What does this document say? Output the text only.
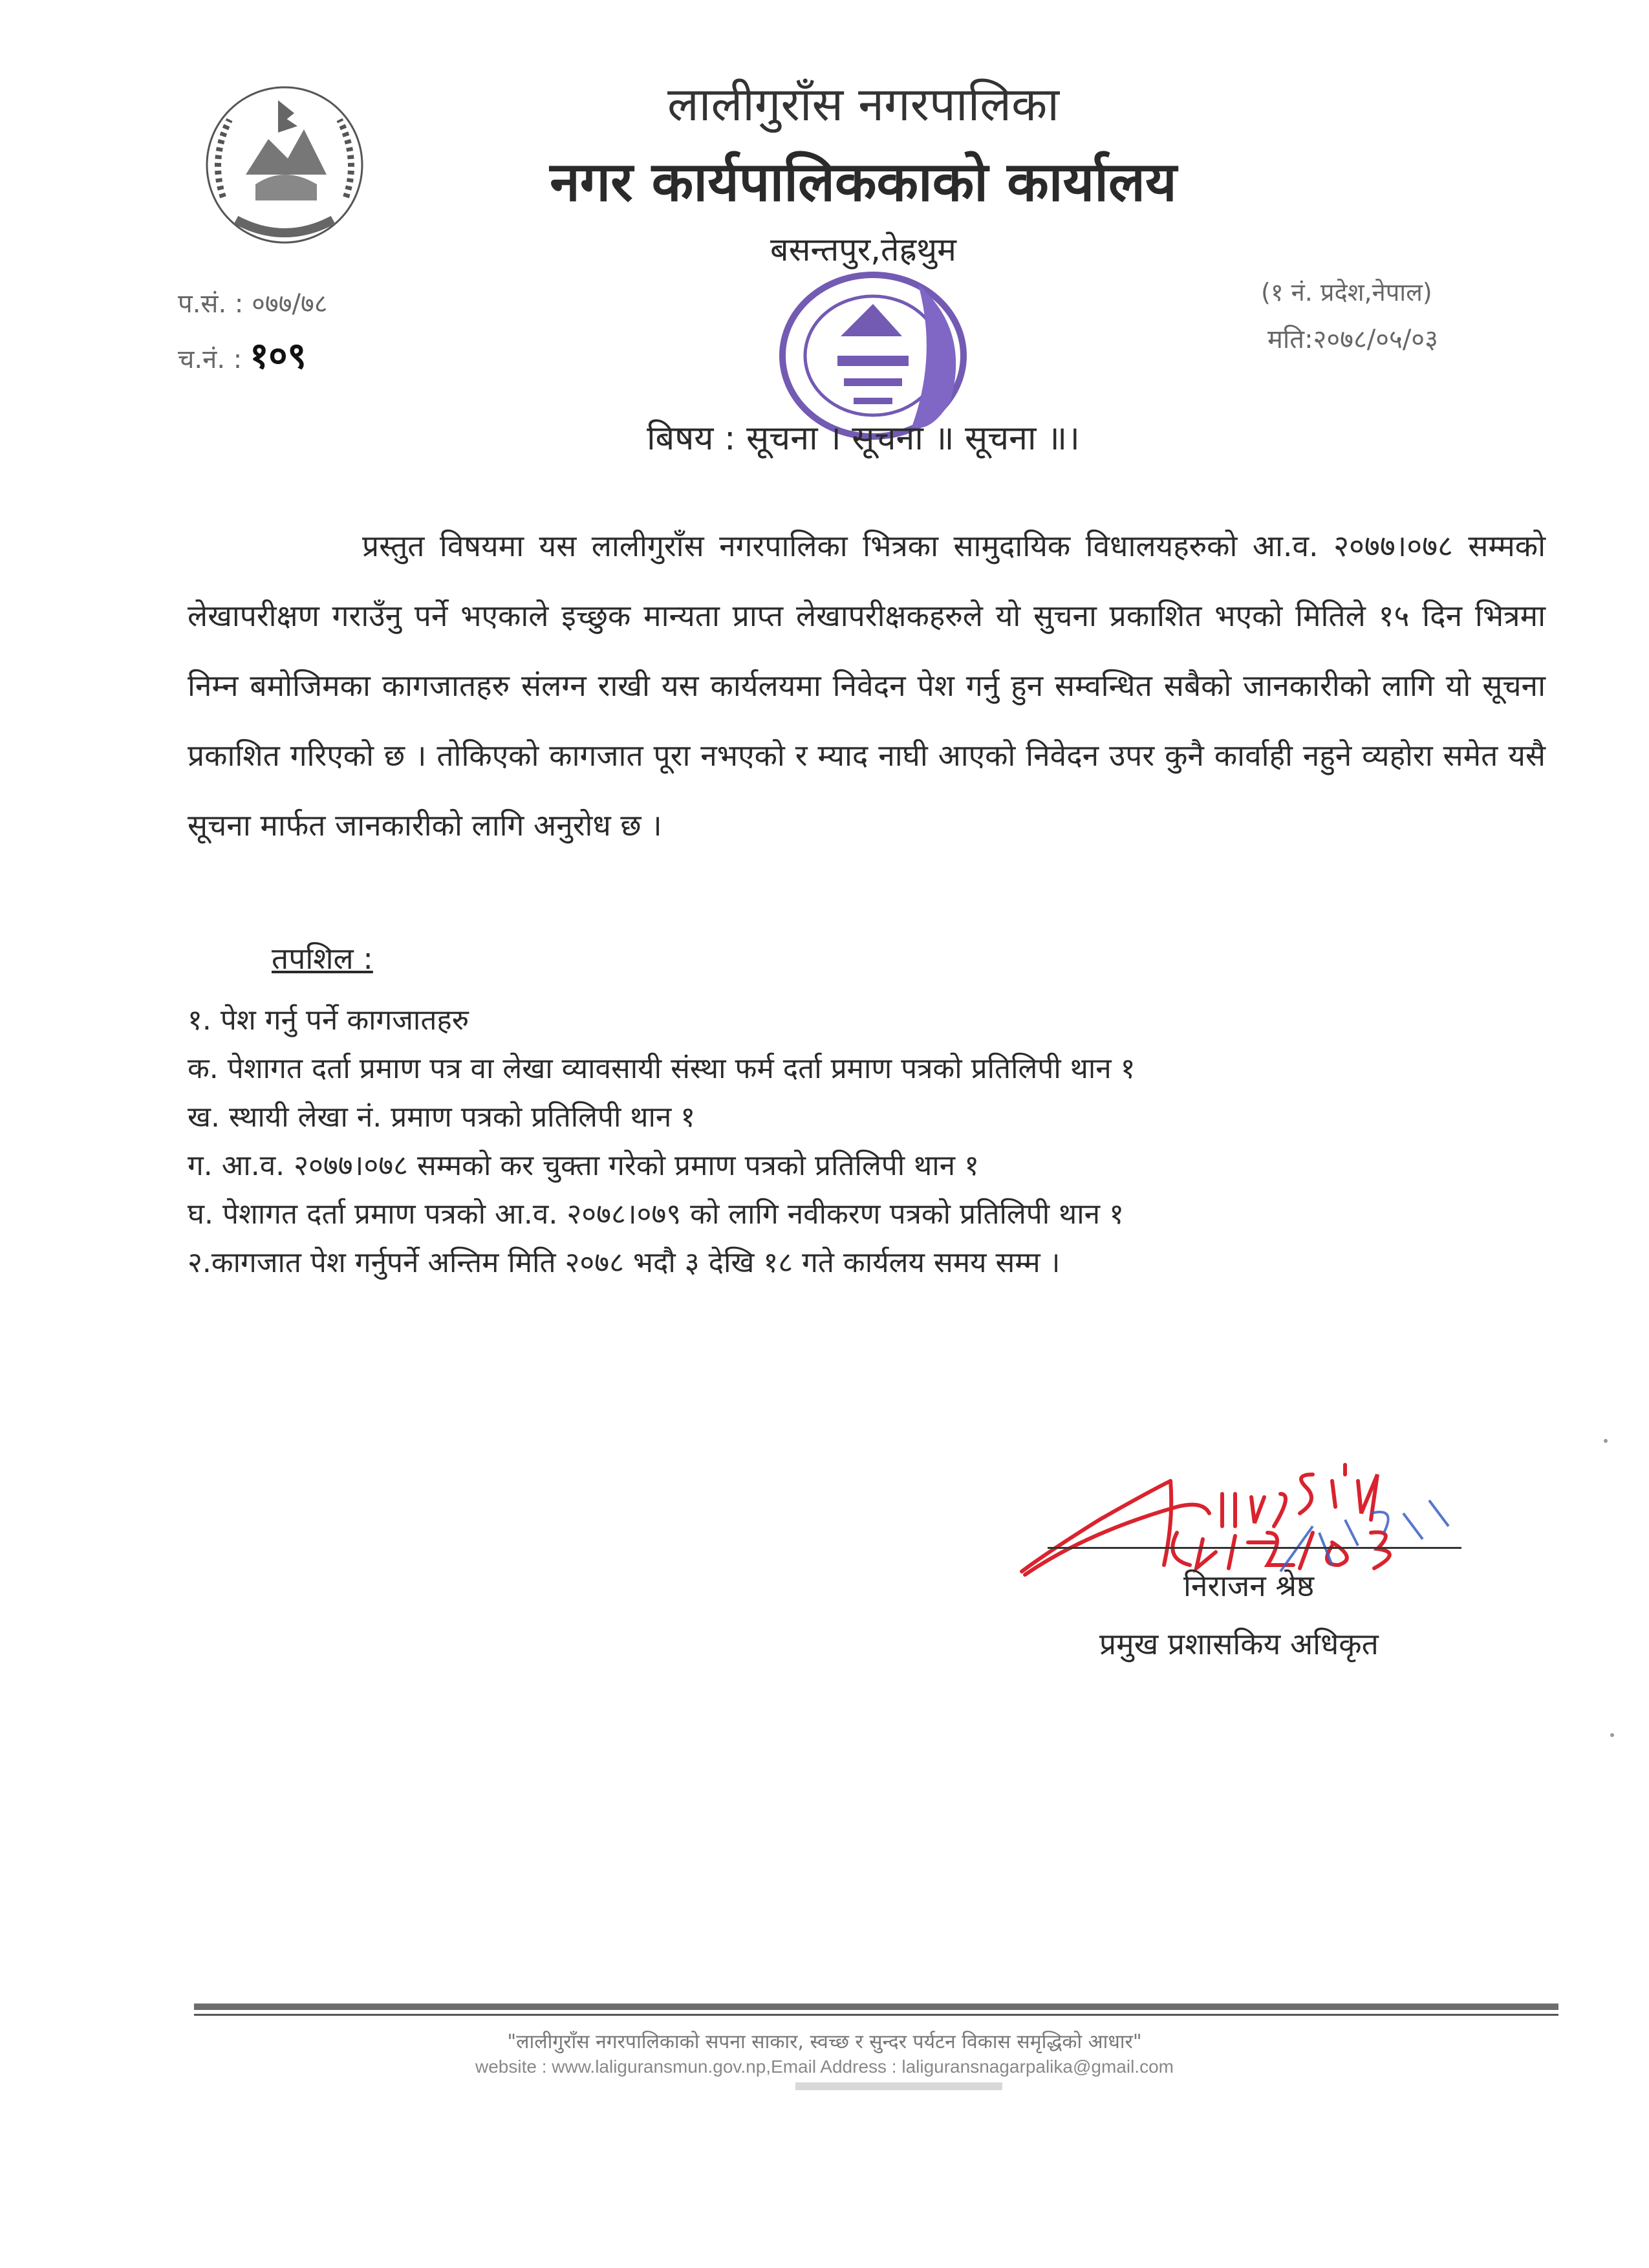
लालीगुराँस नगरपालिका
नगर कार्यपालिककाको कार्यालय
बसन्तपुर,तेह्रथुम
प.सं. : ०७७/७८
च.नं. : १०९
(१ नं. प्रदेश,नेपाल)
मति:२०७८/०५/०३
बिषय : सूचना । सूचना ॥ सूचना ॥।
प्रस्तुत विषयमा यस लालीगुराँस नगरपालिका भित्रका सामुदायिक विधालयहरुको आ.व. २०७७।०७८ सम्मको लेखापरीक्षण गराउँनु पर्ने भएकाले इच्छुक मान्यता प्राप्त लेखापरीक्षकहरुले यो सुचना प्रकाशित भएको मितिले १५ दिन भित्रमा निम्न बमोजिमका कागजातहरु संलग्न राखी यस कार्यलयमा निवेदन पेश गर्नु हुन सम्वन्धित सबैको जानकारीको लागि यो सूचना प्रकाशित गरिएको छ । तोकिएको कागजात पूरा नभएको र म्याद नाघी आएको निवेदन उपर कुनै कार्वाही नहुने व्यहोरा समेत यसै सूचना मार्फत जानकारीको लागि अनुरोध छ ।
तपशिल :
१. पेश गर्नु पर्ने कागजातहरु
क. पेशागत दर्ता प्रमाण पत्र वा लेखा व्यावसायी संस्था फर्म दर्ता प्रमाण पत्रको प्रतिलिपी थान १
ख. स्थायी लेखा नं. प्रमाण पत्रको प्रतिलिपी थान १
ग. आ.व. २०७७।०७८ सम्मको कर चुक्ता गरेको प्रमाण पत्रको प्रतिलिपी थान १
घ. पेशागत दर्ता प्रमाण पत्रको आ.व. २०७८।०७९ को लागि नवीकरण पत्रको प्रतिलिपी थान १
२.कागजात पेश गर्नुपर्ने अन्तिम मिति २०७८ भदौ ३ देखि १८ गते कार्यलय समय सम्म ।
निराजन श्रेष्ठ
प्रमुख प्रशासकिय अधिकृत
"लालीगुराँस नगरपालिकाको सपना साकार, स्वच्छ र सुन्दर पर्यटन विकास समृद्धिको आधार"
website : www.laliguransmun.gov.np,Email Address : laliguransnagarpalika@gmail.com
